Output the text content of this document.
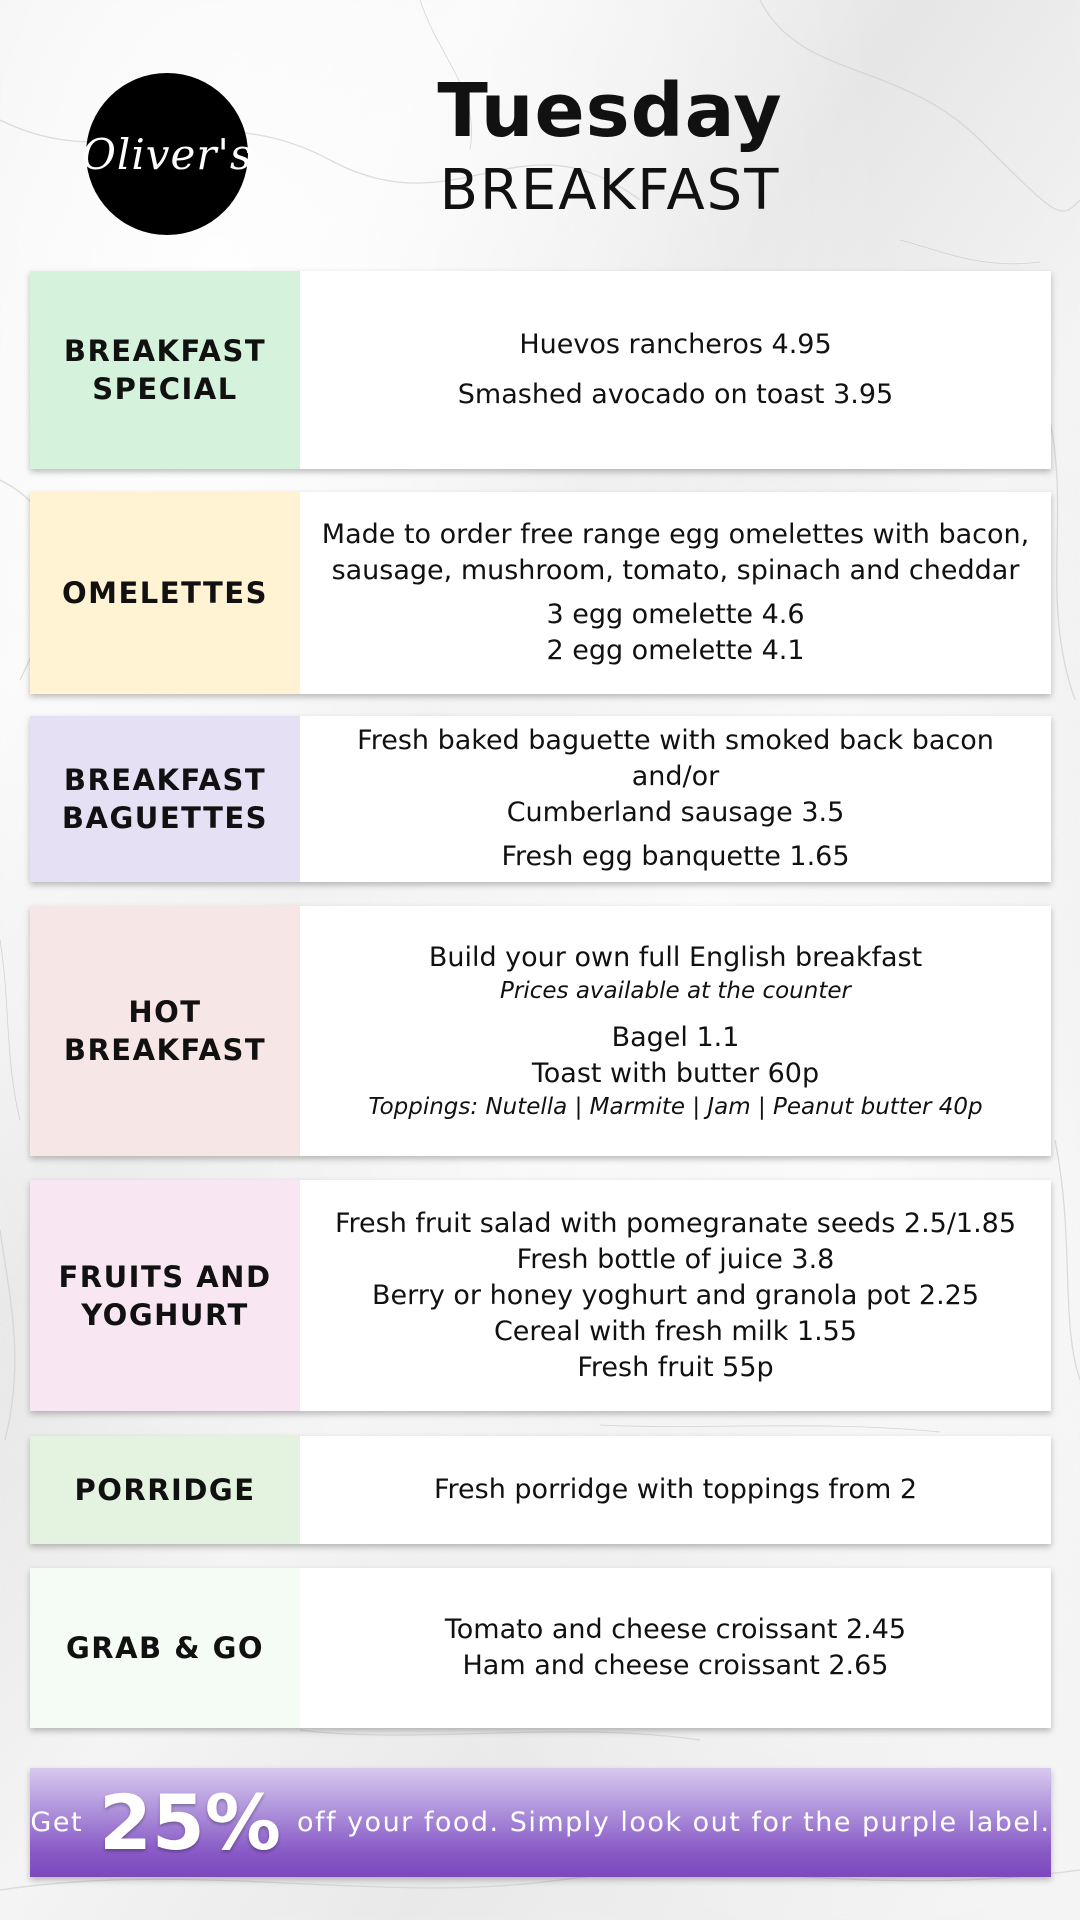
Oliver's	Tuesday
BREAKFAST
BREAKFAST
SPECIAL
Huevos rancheros 4.95
Smashed avocado on toast 3.95
OMELETTES
Made to order free range egg omelettes with bacon,
sausage, mushroom, tomato, spinach and cheddar
3 egg omelette 4.6
2 egg omelette 4.1
BREAKFAST
BAGUETTES
Fresh baked baguette with smoked back bacon and/or
Cumberland sausage 3.5
Fresh egg banquette 1.65
HOT
BREAKFAST
Build your own full English breakfast
Prices available at the counter
Bagel 1.1
Toast with butter 60p
Toppings: Nutella | Marmite | Jam | Peanut butter 40p
FRUITS AND
YOGHURT
Fresh fruit salad with pomegranate seeds 2.5/1.85
Fresh bottle of juice 3.8
Berry or honey yoghurt and granola pot 2.25
Cereal with fresh milk 1.55
Fresh fruit 55p
PORRIDGE	Fresh porridge with toppings from 2
GRAB & GO
Tomato and cheese croissant 2.45
Ham and cheese croissant 2.65
Get 25% off your food. Simply look out for the purple label.
